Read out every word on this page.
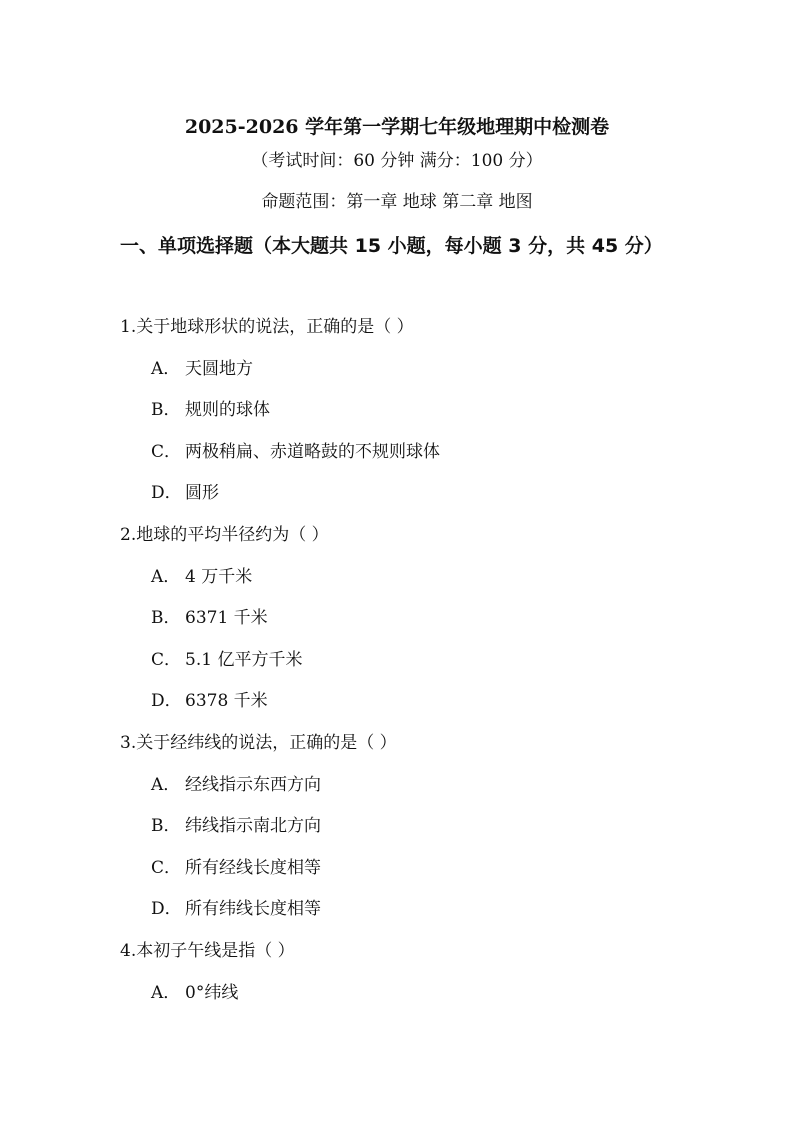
2025-2026 学年第一学期七年级地理期中检测卷
（考试时间：60 分钟 满分：100 分）
命题范围：第一章 地球 第二章 地图
一、单项选择题（本大题共 15 小题，每小题 3 分，共 45 分）
1.关于地球形状的说法，正确的是（ ）
A． 天圆地方
B． 规则的球体
C． 两极稍扁、赤道略鼓的不规则球体
D． 圆形
2.地球的平均半径约为（ ）
A． 4 万千米
B． 6371 千米
C． 5.1 亿平方千米
D． 6378 千米
3.关于经纬线的说法，正确的是（ ）
A． 经线指示东西方向
B． 纬线指示南北方向
C． 所有经线长度相等
D． 所有纬线长度相等
4.本初子午线是指（ ）
A． 0°纬线
